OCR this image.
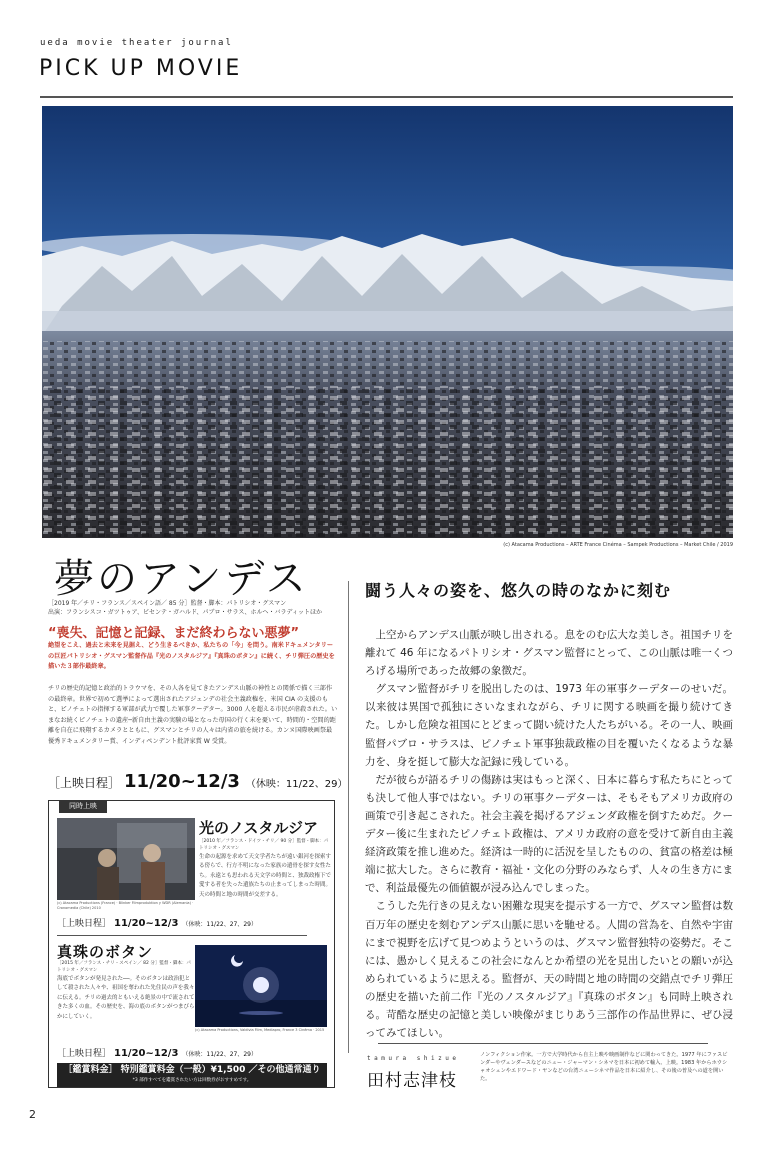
ueda movie theater journal
PICK UP MOVIE
(c) Atacama Productions – ARTE France Cinéma – Sampek Productions – Market Chile / 2019
夢のアンデス
［2019 年／チリ・フランス／スペイン語／ 85 分］監督・脚本：パトリシオ・グスマン
出演：フランシスコ・ガツトゥア、ビセンテ・ガハルド、パブロ・サラス、ホルヘ・バラディットほか
“喪失、記憶と記録、まだ終わらない悪夢”
絶望をこえ、過去と未来を見据え、どう生きるべきか、私たちの「今」を問う。南米ドキュメンタリーの巨匠パトリシオ・グスマン監督作品『光のノスタルジア』『真珠のボタン』に続く、チリ弾圧の歴史を描いた３部作最終章。
チリの歴史的記憶と政治的トラウマを、その人各を見てきたアンデス山脈の神性との関係で描く三部作の最終章。世界で初めて選挙によって選出されたアジェンデの社会主義政権を、米国 CIA の支援のもと、ピノチェトの指揮する軍部が武力で覆した軍事クーデター。3000 人を超える市民が虐殺された。いまなお続くピノチェトの遺産─新自由主義の実験の場となった母国の行く末を憂いて、時間的・空間的距離を自在に飛翔するカメラとともに、グスマンとチリの人々は内省の旅を続ける。カンヌ国際映画祭最優秀ドキュメンタリー賞、インディペンデント批評家賞 W 受賞。
［上映日程］ 11/20~12/3 （休映：11/22、29）
同時上映
(c) Atacama Productions (France) · Blinker Filmproduktion y WDR (Alemania) · Cronomedia (Chile) 2010
光のノスタルジア
［2010 年／フランス・ドイツ・チリ／ 90 分］監督・脚本：パトリシオ・グスマン
生命の起源を求めて天文学者たちが遠い銀河を探索する傍らで、行方不明になった家族の遺骨を探す女性たち。永遠とも思われる天文学の時間と、独裁政権下で愛する者を失った遺族たちの止まってしまった時間。天の時間と地の時間が交差する。
［上映日程］ 11/20~12/3 （休映：11/22、27、29）
真珠のボタン
［2015 年／フランス・チリ・スペイン／ 82 分］監督・脚本：パトリシオ・グスマン
海底でボタンが発見された──。そのボタンは政治犯として殺された人々や、祖国を奪われた先住民の声を我々に伝える。チリの過去的ともいえる絶景の中で流されてきた多くの血。その歴史を、海の底のボタンがつまびらかにしていく。
(c) Atacama Productions, Valdivia Film, Mediapro, France 3 Cinéma · 2015
［上映日程］ 11/20~12/3 （休映：11/22、27、29）
［鑑賞料金］ 特別鑑賞料金（一般）¥1,500 ／その他通常通り
*3 部作すべてを鑑賞されたい方は回数券がおすすめです。
闘う人々の姿を、悠久の時のなかに刻む

上空からアンデス山脈が映し出される。息をのむ広大な美しさ。祖国チリを離れて 46 年になるパトリシオ・グスマン監督にとって、この山脈は唯一くつろげる場所であった故郷の象徴だ。

グスマン監督がチリを脱出したのは、1973 年の軍事クーデターのせいだ。以来彼は異国で孤独にさいなまれながら、チリに関する映画を撮り続けてきた。しかし危険な祖国にとどまって闘い続けた人たちがいる。その一人、映画監督パブロ・サラスは、ピノチェト軍事独裁政権の目を覆いたくなるような暴力を、身を挺して膨大な記録に残している。

だが彼らが語るチリの傷跡は実はもっと深く、日本に暮らす私たちにとっても決して他人事ではない。チリの軍事クーデターは、そもそもアメリカ政府の画策で引き起こされた。社会主義を掲げるアジェンダ政権を倒すためだ。クーデター後に生まれたピノチェト政権は、アメリカ政府の意を受けて新自由主義経済政策を推し進めた。経済は一時的に活況を呈したものの、貧富の格差は極端に拡大した。さらに教育・福祉・文化の分野のみならず、人々の生き方にまで、利益最優先の価値観が浸み込んでしまった。

こうした先行きの見えない困難な現実を提示する一方で、グスマン監督は数百万年の歴史を刻むアンデス山脈に思いを馳せる。人間の営為を、自然や宇宙にまで視野を広げて見つめようというのは、グスマン監督独特の姿勢だ。そこには、愚かしく見えるこの社会になんとか希望の光を見出したいとの願いが込められているように思える。監督が、天の時間と地の時間の交錯点でチリ弾圧の歴史を描いた前二作『光のノスタルジア』『真珠のボタン』も同時上映される。苛酷な歴史の記憶と美しい映像がまじりあう三部作の作品世界に、ぜひ浸ってみてほしい。

tamura shizue
田村志津枝
ノンフィクション作家。一方で大学時代から自主上映や映画制作などに関わってきた。1977 年にファスビンダーやヴェンダースなどのニュー・ジャーマン・シネマを日本に初めて輸入、上映。1983 年からホウシャオシェンやエドワード・ヤンなどの台湾ニューシネマ作品を日本に紹介し、その後の普及への道を開いた。
2
